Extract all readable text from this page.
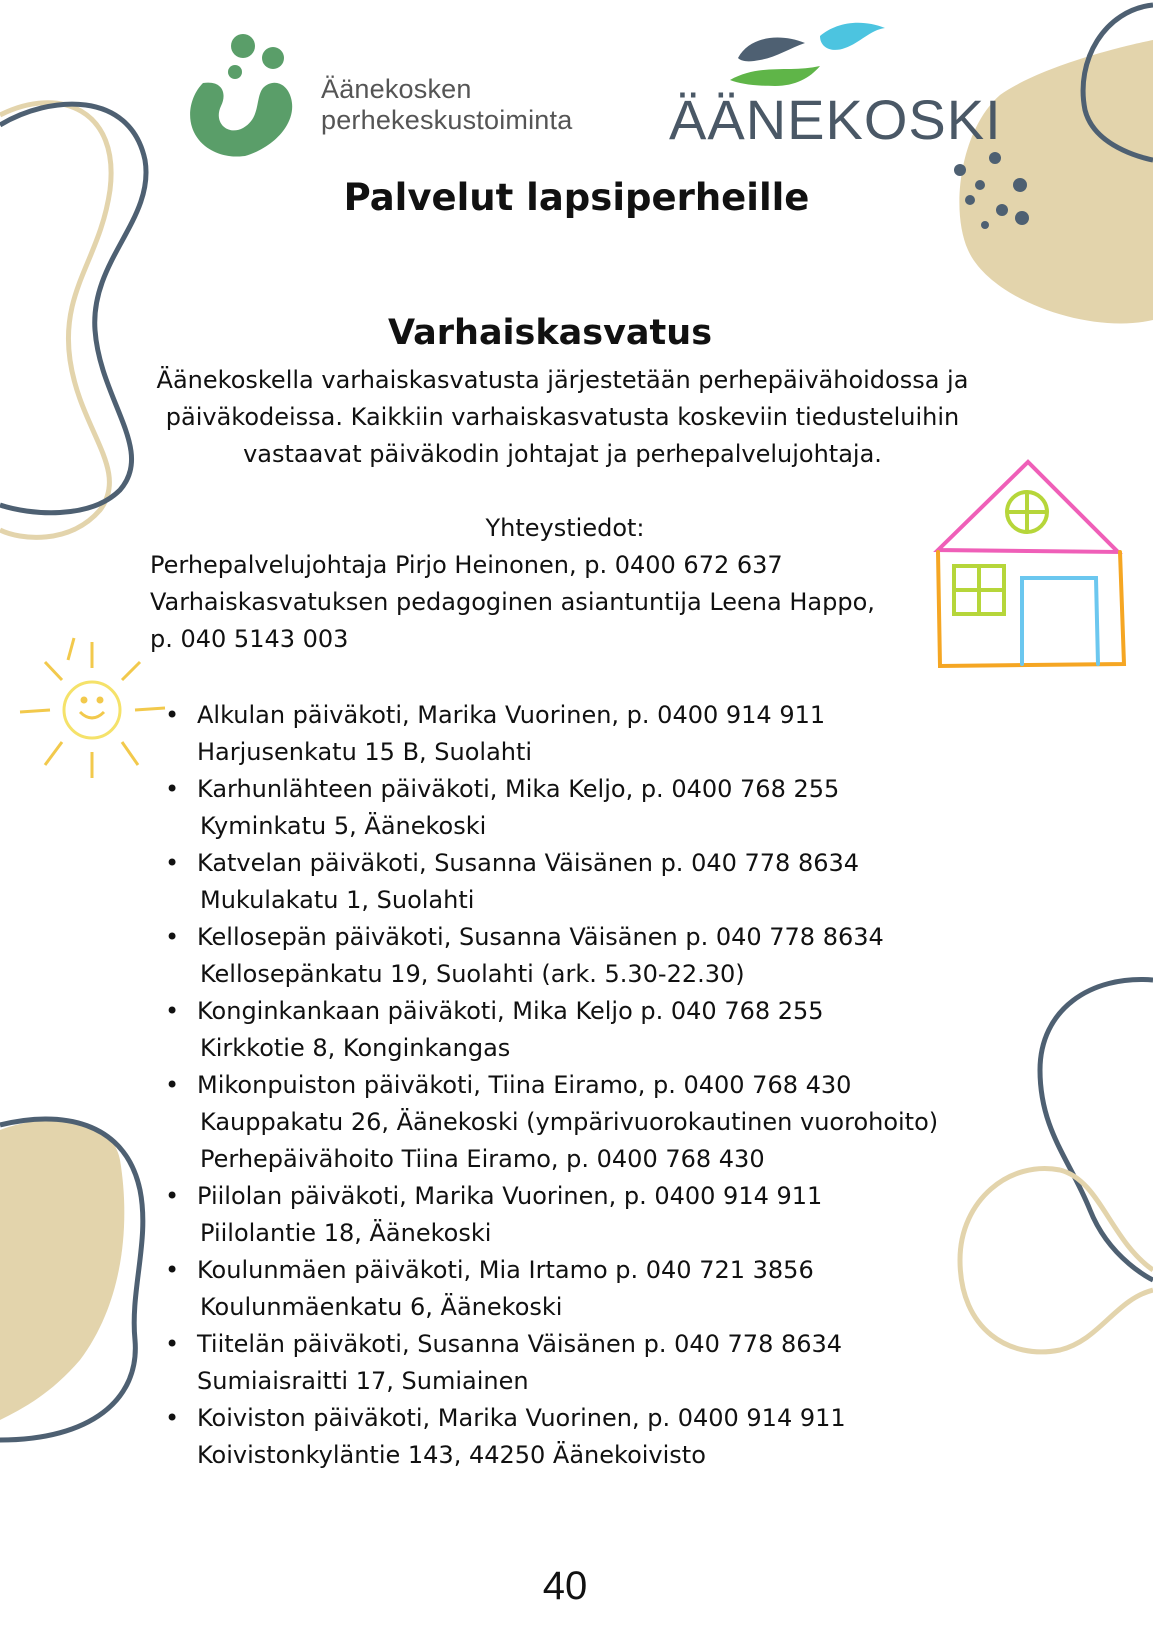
Äänekosken
perhekeskustoiminta ÄÄNEKOSKI
Palvelut lapsiperheille
Varhaiskasvatus
Äänekoskella varhaiskasvatusta järjestetään perhepäivähoidossa ja
päiväkodeissa. Kaikkiin varhaiskasvatusta koskeviin tiedusteluihin
vastaavat päiväkodin johtajat ja perhepalvelujohtaja.
Yhteystiedot:
Perhepalvelujohtaja Pirjo Heinonen, p. 0400 672 637
Varhaiskasvatuksen pedagoginen asiantuntija Leena Happo,
p. 040 5143 003
• Alkulan päiväkoti, Marika Vuorinen, p. 0400 914 911
Harjusenkatu 15 B, Suolahti
• Karhunlähteen päiväkoti, Mika Keljo, p. 0400 768 255
Kyminkatu 5, Äänekoski
• Katvelan päiväkoti, Susanna Väisänen p. 040 778 8634
Mukulakatu 1, Suolahti
• Kellosepän päiväkoti, Susanna Väisänen p. 040 778 8634
Kellosepänkatu 19, Suolahti (ark. 5.30-22.30)
• Konginkankaan päiväkoti, Mika Keljo p. 040 768 255
Kirkkotie 8, Konginkangas
• Mikonpuiston päiväkoti, Tiina Eiramo, p. 0400 768 430
Kauppakatu 26, Äänekoski (ympärivuorokautinen vuorohoito)
Perhepäivähoito Tiina Eiramo, p. 0400 768 430
• Piilolan päiväkoti, Marika Vuorinen, p. 0400 914 911
Piilolantie 18, Äänekoski
• Koulunmäen päiväkoti, Mia Irtamo p. 040 721 3856
Koulunmäenkatu 6, Äänekoski
• Tiitelän päiväkoti, Susanna Väisänen p. 040 778 8634
Sumiaisraitti 17, Sumiainen
• Koiviston päiväkoti, Marika Vuorinen, p. 0400 914 911
Koivistonkyläntie 143, 44250 Äänekoivisto
40
